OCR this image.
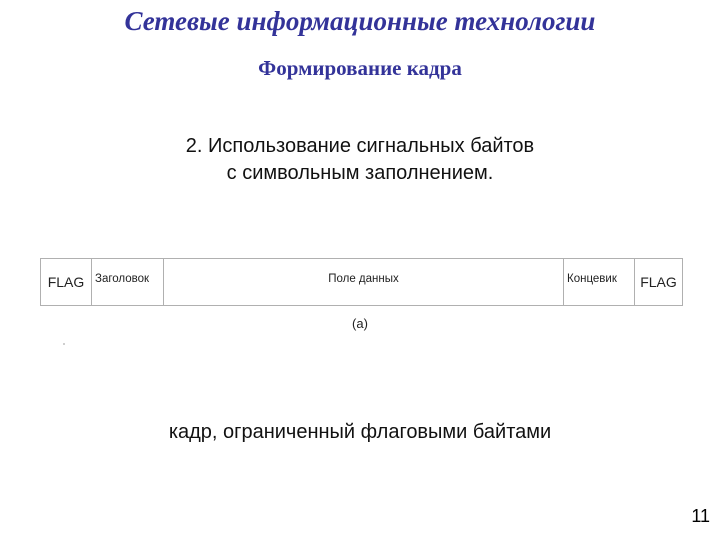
Сетевые информационные технологии
Формирование кадра
2. Использование сигнальных байтов
с символьным заполнением.
FLAG Заголовок	Поле данных	Концевик	FLAG
(а)
кадр, ограниченный флаговыми байтами
11
